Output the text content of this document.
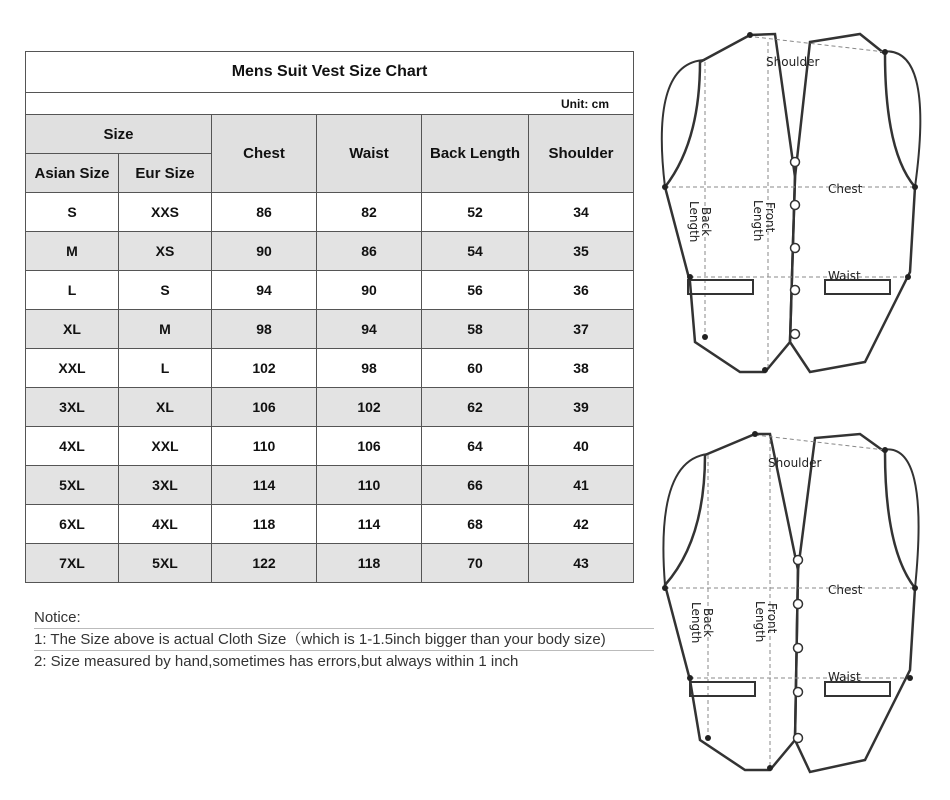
Mens Suit Vest Size Chart					
Unit: cm					
Size		Chest	Waist	Back Length	Shoulder
Asian Size	Eur Size				
S	XXS	86	82	52	34
M	XS	90	86	54	35
L	S	94	90	56	36
XL	M	98	94	58	37
XXL	L	102	98	60	38
3XL	XL	106	102	62	39
4XL	XXL	110	106	64	40
5XL	3XL	114	110	66	41
6XL	4XL	118	114	68	42
7XL	5XL	122	118	70	43
Notice:
1: The Size above is actual Cloth Size（which is 1-1.5inch bigger than your body size)
2: Size measured by hand,sometimes has errors,but always within 1 inch
Shoulder
Chest
Waist
Back
Length	Front
Length
Shoulder
Chest
Waist
Back
Length	Front
Length
